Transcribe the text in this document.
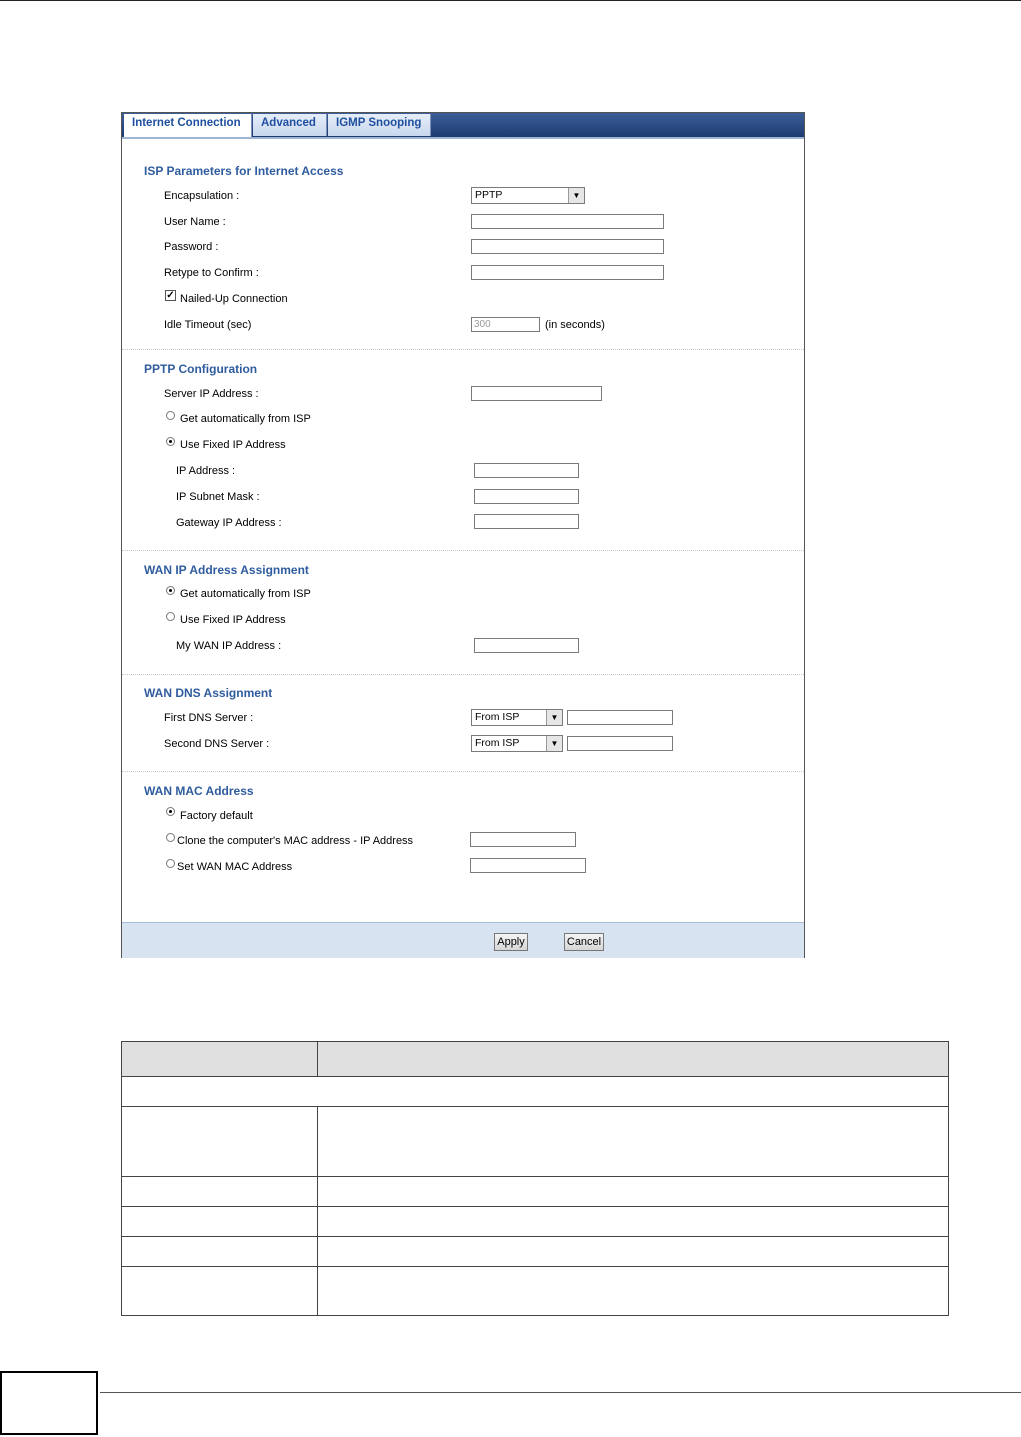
Internet Connection	Advanced	IGMP Snooping
ISP Parameters for Internet Access
Encapsulation :	PPTP	▼
User Name :
Password :
Retype to Confirm :
✓ Nailed-Up Connection
Idle Timeout (sec)	300	(in seconds)
PPTP Configuration
Server IP Address :
Get automatically from ISP
Use Fixed IP Address
IP Address :
IP Subnet Mask :
Gateway IP Address :
WAN IP Address Assignment
Get automatically from ISP
Use Fixed IP Address
My WAN IP Address :
WAN DNS Assignment
First DNS Server :	From ISP	▼
Second DNS Server :	From ISP	▼
WAN MAC Address
Factory default
Clone the computer's MAC address - IP Address
Set WAN MAC Address
Apply	Cancel
